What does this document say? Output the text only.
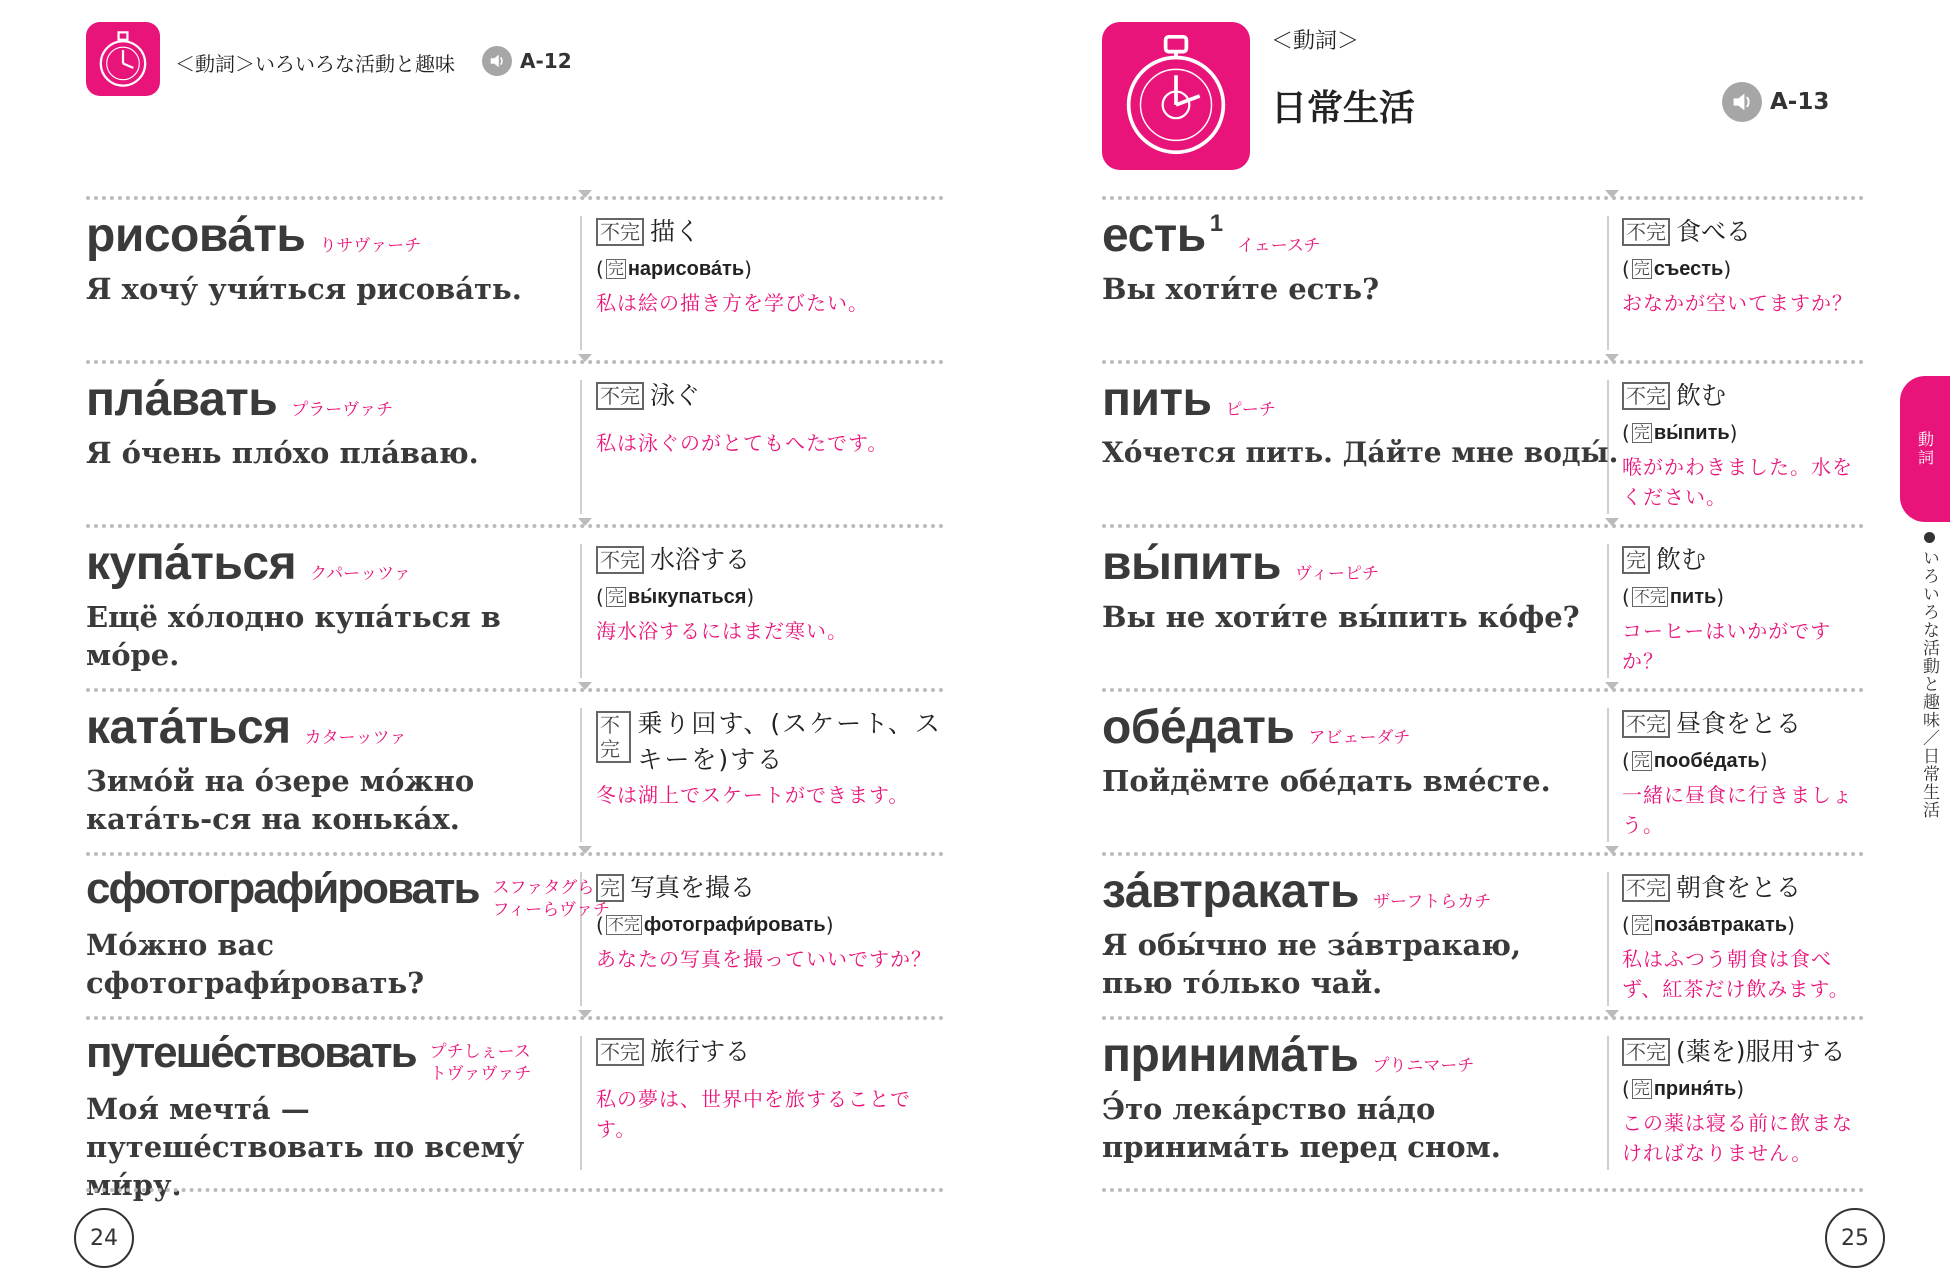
＜動詞＞いろいろな活動と趣味	A-12
рисова́ть りサヴァーチ
Я хочу́ учи́ться рисова́ть.
不完 描く
( 完 нарисова́ть )
私は絵の描き方を学びたい。
пла́вать プラーヴァチ
Я о́чень пло́хо пла́ваю.
不完 泳ぐ
私は泳ぐのがとてもへたです。
купа́ться クパーッツァ
Ещё хо́лодно купа́ться в мо́ре.
不完 水浴する
( 完 вы́купаться )
海水浴するにはまだ寒い。
ката́ться カターッツァ
Зимо́й на о́зере мо́жно ката́ть-ся на конька́х.
不完
乗り回す、(スケート、スキーを)する
冬は湖上でスケートができます。
сфотографи́ровать スファタグら
フィーらヴァチ
Мо́жно вас сфотографи́ровать?
完 写真を撮る
( 不完 фотографи́ровать )
あなたの写真を撮っていいですか？
путеше́ствовать プチしぇース
トヴァヴァチ
Моя́ мечта́ — путеше́ствовать по всему́ ми́ру.
不完 旅行する
私の夢は、世界中を旅することです。
24
＜動詞＞
日常生活	A-13
есть$^1$
イェースチ
Вы хоти́те есть?
不完 食べる
( 完 съесть )
おなかが空いてますか？
пить ピーチ
Хо́чется пить. Да́йте мне воды́.
不完 飲む
( 完 вы́пить )
喉がかわきました。水をください。
вы́пить ヴィーピチ
Вы не хоти́те вы́пить ко́фе?
完 飲む
( 不完 пить )
コーヒーはいかがですか？
обе́дать アビェーダチ
Пойдёмте обе́дать вме́сте.
不完 昼食をとる
( 完 пообе́дать )
一緒に昼食に行きましょう。
за́втракать ザーフトらカチ
Я обы́чно не за́втракаю, пью то́лько чай.
不完 朝食をとる
( 完 поза́втракать )
私はふつう朝食は食べず、紅茶だけ飲みます。
принима́ть プりニマーチ
Э́то лека́рство на́до принима́ть перед сном.
不完 (薬を)服用する
( 完 приня́ть )
この薬は寝る前に飲まなければなりません。
25
動詞
いろいろな活動と趣味／日常生活
